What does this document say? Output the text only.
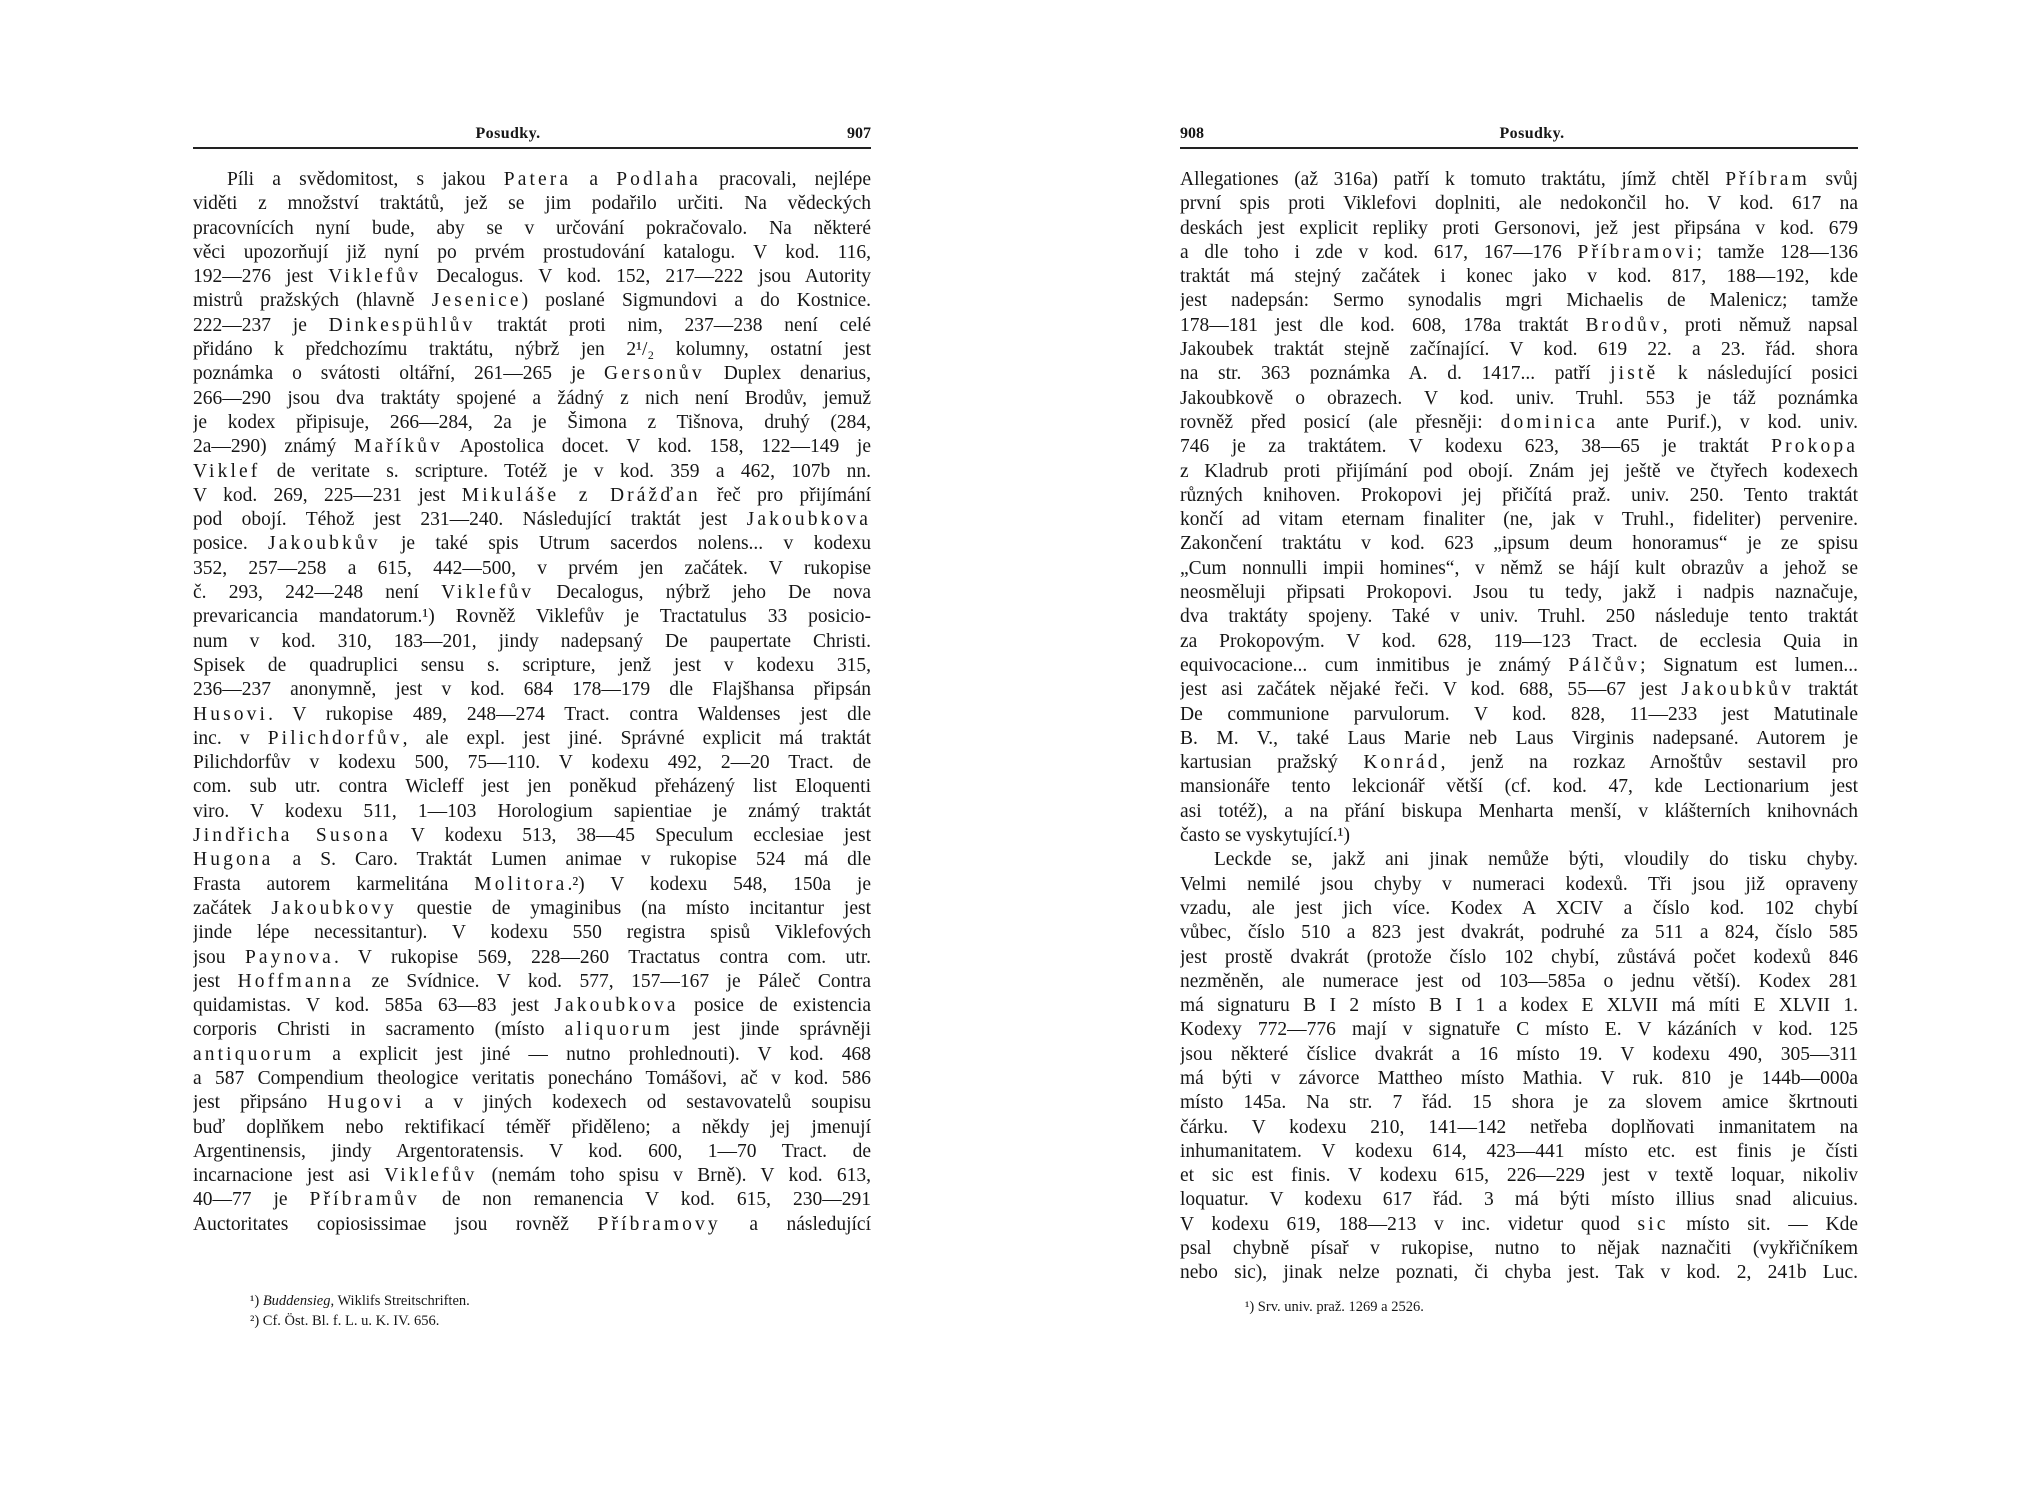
Posudky.	907
Píli a svědomitost, s jakou Patera a Podlaha pracovali, nejlépe
viděti z množství traktátů, jež se jim podařilo určiti. Na vědeckých
pracovnících nyní bude, aby se v určování pokračovalo. Na některé
věci upozorňují již nyní po prvém prostudování katalogu. V kod. 116,
192—276 jest Viklefův Decalogus. V kod. 152, 217—222 jsou Autority
mistrů pražských (hlavně Jesenice) poslané Sigmundovi a do Kostnice.
222—237 je Dinkespühlův traktát proti nim, 237—238 není celé
přidáno k předchozímu traktátu, nýbrž jen 2¹/₂ kolumny, ostatní jest
poznámka o svátosti oltářní, 261—265 je Gersonův Duplex denarius,
266—290 jsou dva traktáty spojené a žádný z nich není Brodův, jemuž
je kodex připisuje, 266—284, 2a je Šimona z Tišnova, druhý (284,
2a—290) známý Maříkův Apostolica docet. V kod. 158, 122—149 je
Viklef de veritate s. scripture. Totéž je v kod. 359 a 462, 107b nn.
V kod. 269, 225—231 jest Mikuláše z Drážďan řeč pro přijímání
pod obojí. Téhož jest 231—240. Následující traktát jest Jakoubkova
posice. Jakoubkův je také spis Utrum sacerdos nolens... v kodexu
352, 257—258 a 615, 442—500, v prvém jen začátek. V rukopise
č. 293, 242—248 není Viklefův Decalogus, nýbrž jeho De nova
prevaricancia mandatorum.¹) Rovněž Viklefův je Tractatulus 33 posicio-
num v kod. 310, 183—201, jindy nadepsaný De paupertate Christi.
Spisek de quadruplici sensu s. scripture, jenž jest v kodexu 315,
236—237 anonymně, jest v kod. 684 178—179 dle Flajšhansa připsán
Husovi. V rukopise 489, 248—274 Tract. contra Waldenses jest dle
inc. v Pilichdorfův, ale expl. jest jiné. Správné explicit má traktát
Pilichdorfův v kodexu 500, 75—110. V kodexu 492, 2—20 Tract. de
com. sub utr. contra Wicleff jest jen poněkud přeházený list Eloquenti
viro. V kodexu 511, 1—103 Horologium sapientiae je známý traktát
Jindřicha Susona V kodexu 513, 38—45 Speculum ecclesiae jest
Hugona a S. Caro. Traktát Lumen animae v rukopise 524 má dle
Frasta autorem karmelitána Molitora.²) V kodexu 548, 150a je
začátek Jakoubkovy questie de ymaginibus (na místo incitantur jest
jinde lépe necessitantur). V kodexu 550 registra spisů Viklefových
jsou Paynova. V rukopise 569, 228—260 Tractatus contra com. utr.
jest Hoffmanna ze Svídnice. V kod. 577, 157—167 je Páleč Contra
quidamistas. V kod. 585a 63—83 jest Jakoubkova posice de existencia
corporis Christi in sacramento (místo aliquorum jest jinde správněji
antiquorum a explicit jest jiné — nutno prohlednouti). V kod. 468
a 587 Compendium theologice veritatis ponecháno Tomášovi, ač v kod. 586
jest připsáno Hugovi a v jiných kodexech od sestavovatelů soupisu
buď doplňkem nebo rektifikací téměř přiděleno; a někdy jej jmenují
Argentinensis, jindy Argentoratensis. V kod. 600, 1—70 Tract. de
incarnacione jest asi Viklefův (nemám toho spisu v Brně). V kod. 613,
40—77 je Příbramův de non remanencia V kod. 615, 230—291
Auctoritates copiosissimae jsou rovněž Příbramovy a následující
¹) Buddensieg, Wiklifs Streitschriften.
²) Cf. Öst. Bl. f. L. u. K. IV. 656.
908	Posudky.
Allegationes (až 316a) patří k tomuto traktátu, jímž chtěl Příbram svůj
první spis proti Viklefovi doplniti, ale nedokončil ho. V kod. 617 na
deskách jest explicit repliky proti Gersonovi, jež jest připsána v kod. 679
a dle toho i zde v kod. 617, 167—176 Příbramovi; tamže 128—136
traktát má stejný začátek i konec jako v kod. 817, 188—192, kde
jest nadepsán: Sermo synodalis mgri Michaelis de Malenicz; tamže
178—181 jest dle kod. 608, 178a traktát Brodův, proti němuž napsal
Jakoubek traktát stejně začínající. V kod. 619 22. a 23. řád. shora
na str. 363 poznámka A. d. 1417... patří jistě k následující posici
Jakoubkově o obrazech. V kod. univ. Truhl. 553 je táž poznámka
rovněž před posicí (ale přesněji: dominica ante Purif.), v kod. univ.
746 je za traktátem. V kodexu 623, 38—65 je traktát Prokopa
z Kladrub proti přijímání pod obojí. Znám jej ještě ve čtyřech kodexech
různých knihoven. Prokopovi jej přičítá praž. univ. 250. Tento traktát
končí ad vitam eternam finaliter (ne, jak v Truhl., fideliter) pervenire.
Zakončení traktátu v kod. 623 „ipsum deum honoramus“ je ze spisu
„Cum nonnulli impii homines“, v němž se hájí kult obrazův a jehož se
neosměluji připsati Prokopovi. Jsou tu tedy, jakž i nadpis naznačuje,
dva traktáty spojeny. Také v univ. Truhl. 250 následuje tento traktát
za Prokopovým. V kod. 628, 119—123 Tract. de ecclesia Quia in
equivocacione... cum inmitibus je známý Pálčův; Signatum est lumen...
jest asi začátek nějaké řeči. V kod. 688, 55—67 jest Jakoubkův traktát
De communione parvulorum. V kod. 828, 11—233 jest Matutinale
B. M. V., také Laus Marie neb Laus Virginis nadepsané. Autorem je
kartusian pražský Konrád, jenž na rozkaz Arnoštův sestavil pro
mansionáře tento lekcionář větší (cf. kod. 47, kde Lectionarium jest
asi totéž), a na přání biskupa Menharta menší, v klášterních knihovnách
často se vyskytující.¹)
Leckde se, jakž ani jinak nemůže býti, vloudily do tisku chyby.
Velmi nemilé jsou chyby v numeraci kodexů. Tři jsou již opraveny
vzadu, ale jest jich více. Kodex A XCIV a číslo kod. 102 chybí
vůbec, číslo 510 a 823 jest dvakrát, podruhé za 511 a 824, číslo 585
jest prostě dvakrát (protože číslo 102 chybí, zůstává počet kodexů 846
nezměněn, ale numerace jest od 103—585a o jednu větší). Kodex 281
má signaturu B I 2 místo B I 1 a kodex E XLVII má míti E XLVII 1.
Kodexy 772—776 mají v signatuře C místo E. V kázáních v kod. 125
jsou některé číslice dvakrát a 16 místo 19. V kodexu 490, 305—311
má býti v závorce Mattheo místo Mathia. V ruk. 810 je 144b—000a
místo 145a. Na str. 7 řád. 15 shora je za slovem amice škrtnouti
čárku. V kodexu 210, 141—142 netřeba doplňovati inmanitatem na
inhumanitatem. V kodexu 614, 423—441 místo etc. est finis je čísti
et sic est finis. V kodexu 615, 226—229 jest v textě loquar, nikoliv
loquatur. V kodexu 617 řád. 3 má býti místo illius snad alicuius.
V kodexu 619, 188—213 v inc. videtur quod sic místo sit. — Kde
psal chybně písař v rukopise, nutno to nějak naznačiti (vykřičníkem
nebo sic), jinak nelze poznati, či chyba jest. Tak v kod. 2, 241b Luc.
¹) Srv. univ. praž. 1269 a 2526.
